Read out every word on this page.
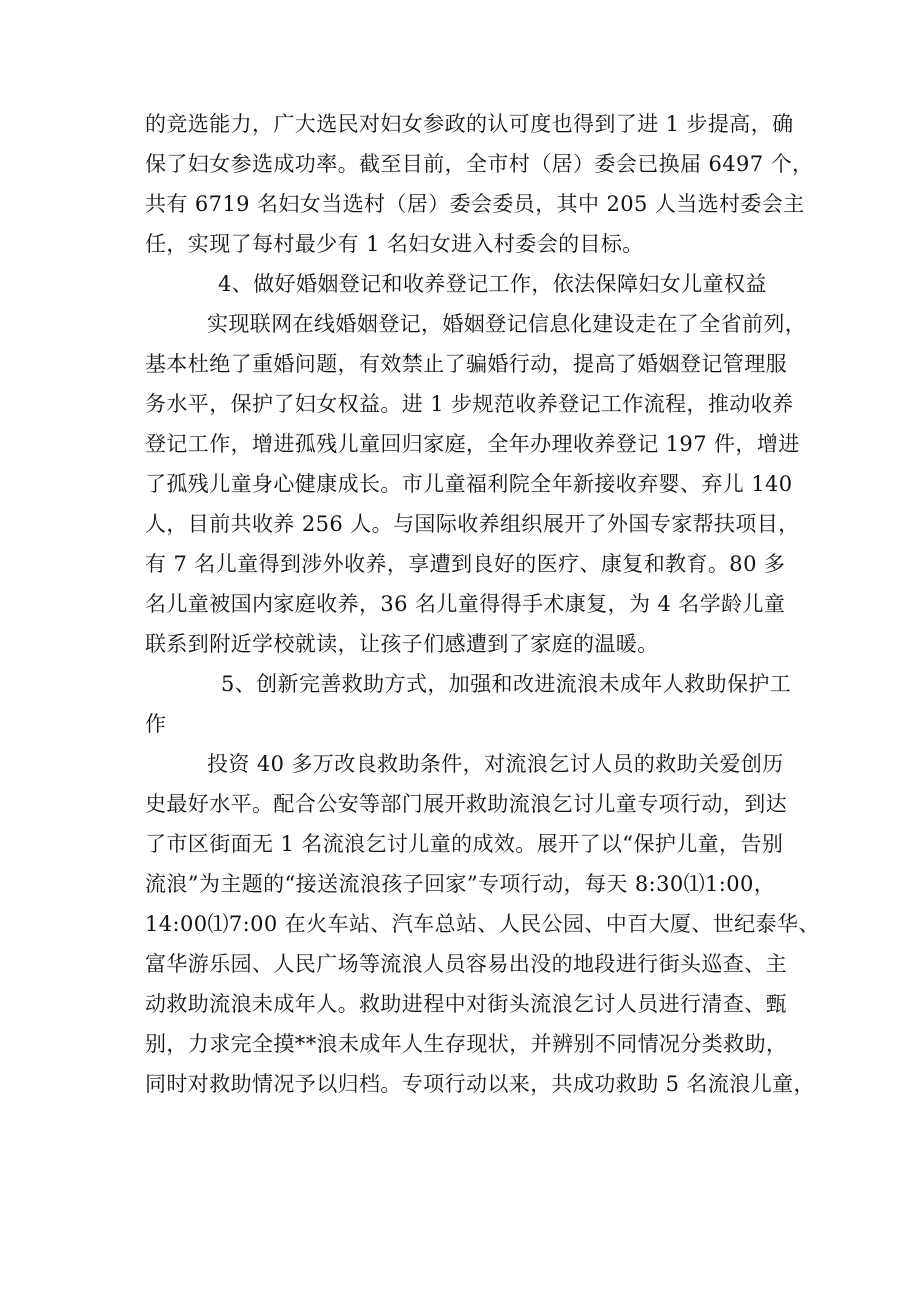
的竞选能力，广大选民对妇女参政的认可度也得到了进 1 步提高，确
保了妇女参选成功率。截至目前，全市村（居）委会已换届 6497 个，
共有 6719 名妇女当选村（居）委会委员，其中 205 人当选村委会主
任，实现了每村最少有 1 名妇女进入村委会的目标。
4、做好婚姻登记和收养登记工作，依法保障妇女儿童权益
实现联网在线婚姻登记，婚姻登记信息化建设走在了全省前列，
基本杜绝了重婚问题，有效禁止了骗婚行动，提高了婚姻登记管理服
务水平，保护了妇女权益。进 1 步规范收养登记工作流程，推动收养
登记工作，增进孤残儿童回归家庭，全年办理收养登记 197 件，增进
了孤残儿童身心健康成长。市儿童福利院全年新接收弃婴、弃儿 140
人，目前共收养 256 人。与国际收养组织展开了外国专家帮扶项目，
有 7 名儿童得到涉外收养，享遭到良好的医疗、康复和教育。80 多
名儿童被国内家庭收养，36 名儿童得得手术康复，为 4 名学龄儿童
联系到附近学校就读，让孩子们感遭到了家庭的温暖。
5、创新完善救助方式，加强和改进流浪未成年人救助保护工
作
投资 40 多万改良救助条件，对流浪乞讨人员的救助关爱创历
史最好水平。配合公安等部门展开救助流浪乞讨儿童专项行动，到达
了市区街面无 1 名流浪乞讨儿童的成效。展开了以“保护儿童，告别
流浪”为主题的“接送流浪孩子回家”专项行动，每天 8:30⑴1:00，
14:00⑴7:00 在火车站、汽车总站、人民公园、中百大厦、世纪泰华、
富华游乐园、人民广场等流浪人员容易出没的地段进行街头巡查、主
动救助流浪未成年人。救助进程中对街头流浪乞讨人员进行清查、甄
别，力求完全摸**浪未成年人生存现状，并辨别不同情况分类救助，
同时对救助情况予以归档。专项行动以来，共成功救助 5 名流浪儿童，
